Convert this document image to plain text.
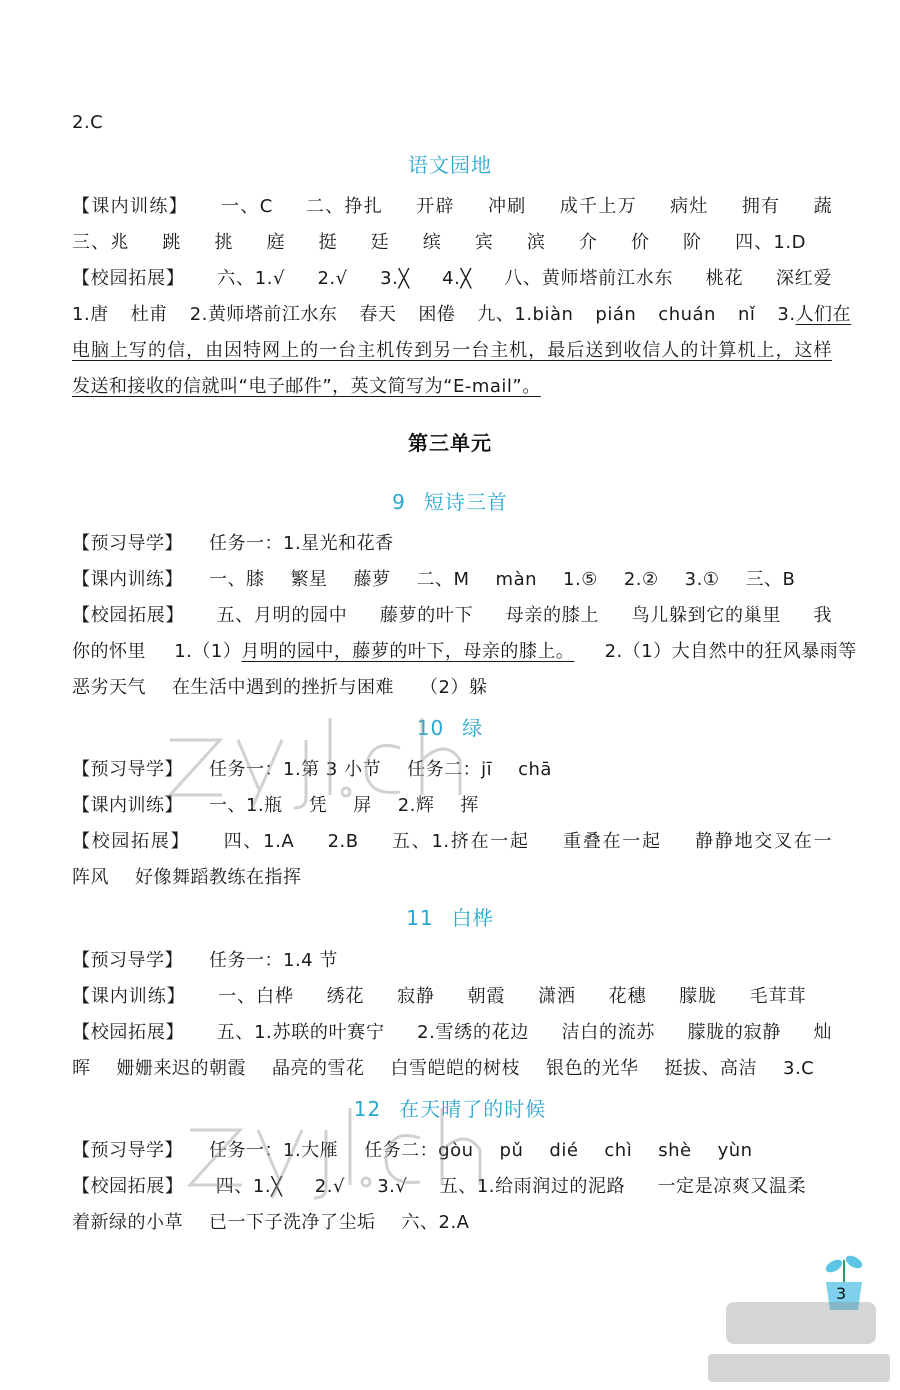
2.C
语文园地
【课内训练】 一、C 二、挣扎 开辟 冲刷 成千上万 病灶 拥有 蔬
三、兆 跳 挑 庭 挺 廷 缤 宾 滨 介 价 阶 四、1.D
【校园拓展】 六、1.√ 2.√ 3.╳ 4.╳ 八、黄师塔前江水东 桃花 深红爱
1.唐 杜甫 2.黄师塔前江水东 春天 困倦 九、1.biàn pián chuán nǐ 3.人们在
电脑上写的信，由因特网上的一台主机传到另一台主机，最后送到收信人的计算机上，这样
发送和接收的信就叫“电子邮件”，英文简写为“E-mail”。
第三单元
9 短诗三首
【预习导学】 任务一：1.星光和花香
【课内训练】 一、膝 繁星 藤萝 二、M màn 1.⑤ 2.② 3.① 三、B
【校园拓展】 五、月明的园中 藤萝的叶下 母亲的膝上 鸟儿躲到它的巢里 我
你的怀里 1.（1）月明的园中，藤萝的叶下，母亲的膝上。 2.（1）大自然中的狂风暴雨等
恶劣天气 在生活中遇到的挫折与困难 （2）躲
10 绿
【预习导学】 任务一：1.第 3 小节 任务二：jī chā
【课内训练】 一、1.瓶 凭 屏 2.辉 挥
【校园拓展】 四、1.A 2.B 五、1.挤在一起 重叠在一起 静静地交叉在一
阵风 好像舞蹈教练在指挥
11 白桦
【预习导学】 任务一：1.4 节
【课内训练】 一、白桦 绣花 寂静 朝霞 潇洒 花穗 朦胧 毛茸茸
【校园拓展】 五、1.苏联的叶赛宁 2.雪绣的花边 洁白的流苏 朦胧的寂静 灿
晖 姗姗来迟的朝霞 晶亮的雪花 白雪皑皑的树枝 银色的光华 挺拔、高洁 3.C
12 在天晴了的时候
【预习导学】 任务一：1.大雁 任务二：gòu pǔ dié chì shè yùn
【校园拓展】 四、1.╳ 2.√ 3.√ 五、1.给雨润过的泥路 一定是凉爽又温柔
着新绿的小草 已一下子洗净了尘垢 六、2.A
3
